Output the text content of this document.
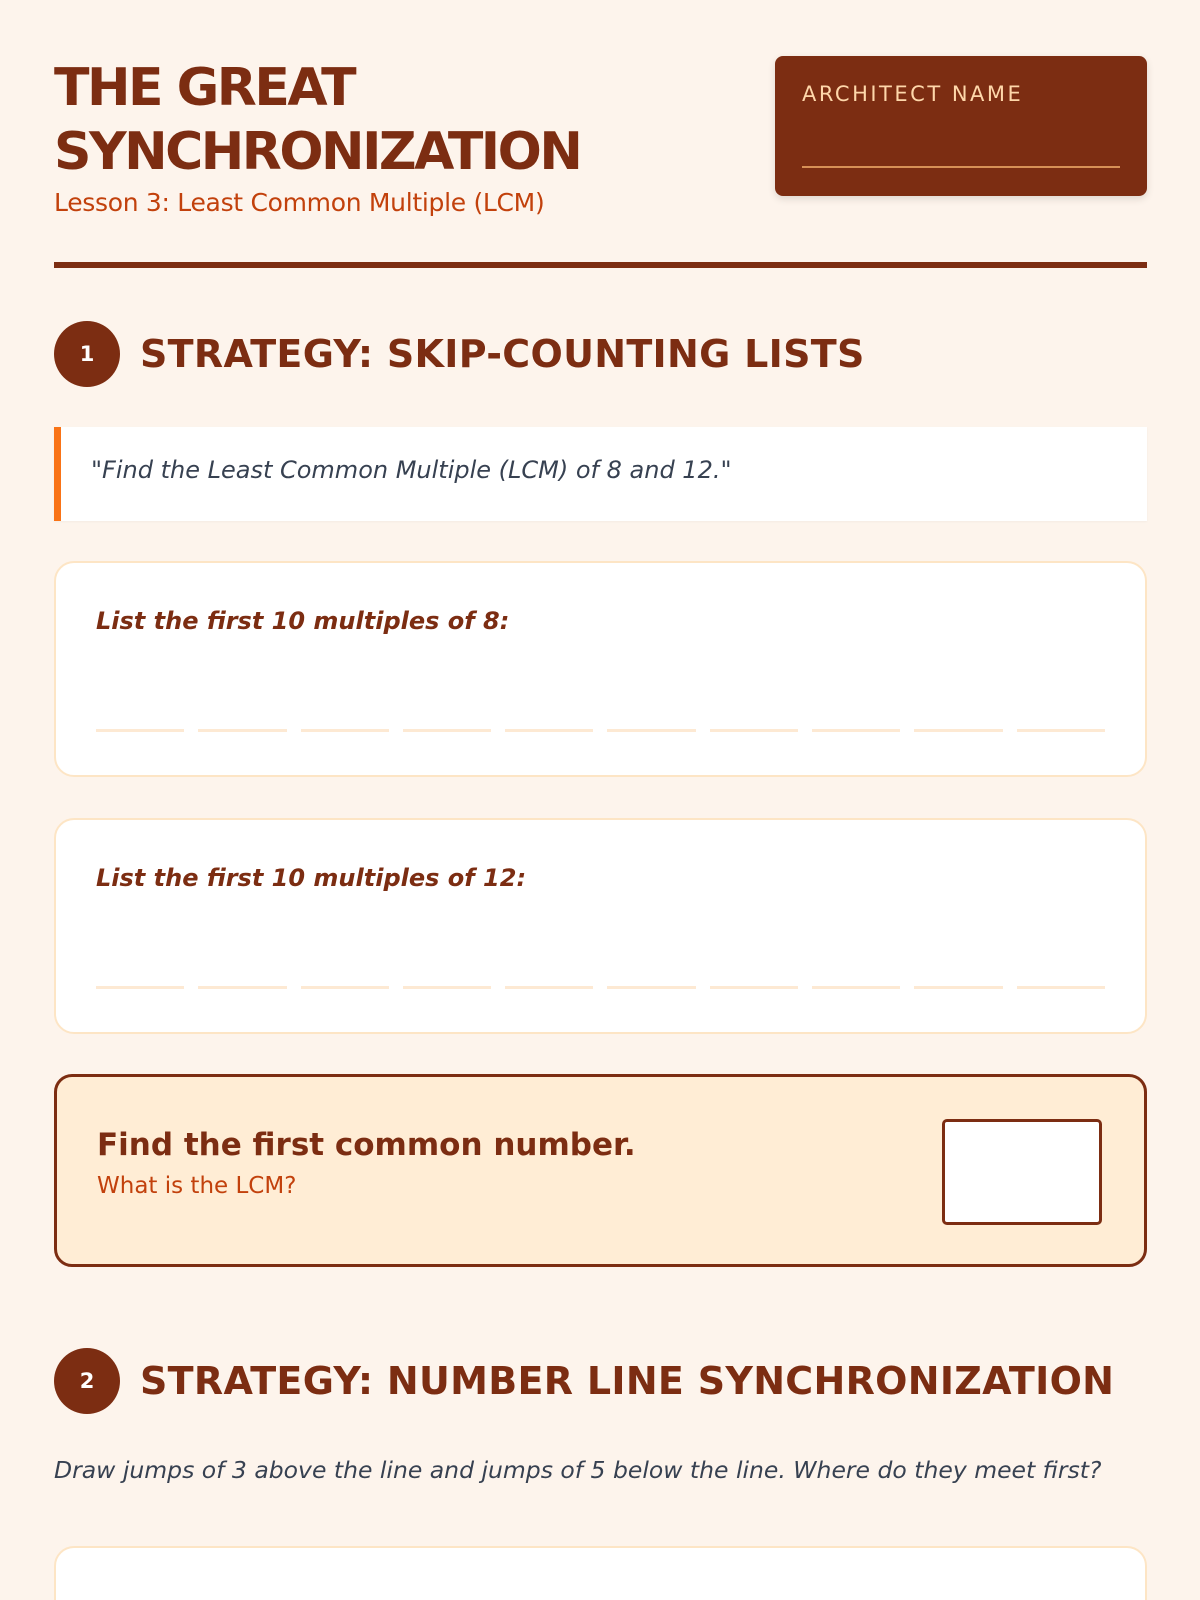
THE GREAT SYNCHRONIZATION
Lesson 3: Least Common Multiple (LCM)
ARCHITECT NAME
1	STRATEGY: SKIP-COUNTING LISTS
"Find the Least Common Multiple (LCM) of 8 and 12."
List the first 10 multiples of 8:
List the first 10 multiples of 12:
Find the first common number.
What is the LCM?
2	STRATEGY: NUMBER LINE SYNCHRONIZATION
Draw jumps of 3 above the line and jumps of 5 below the line. Where do they meet first?
